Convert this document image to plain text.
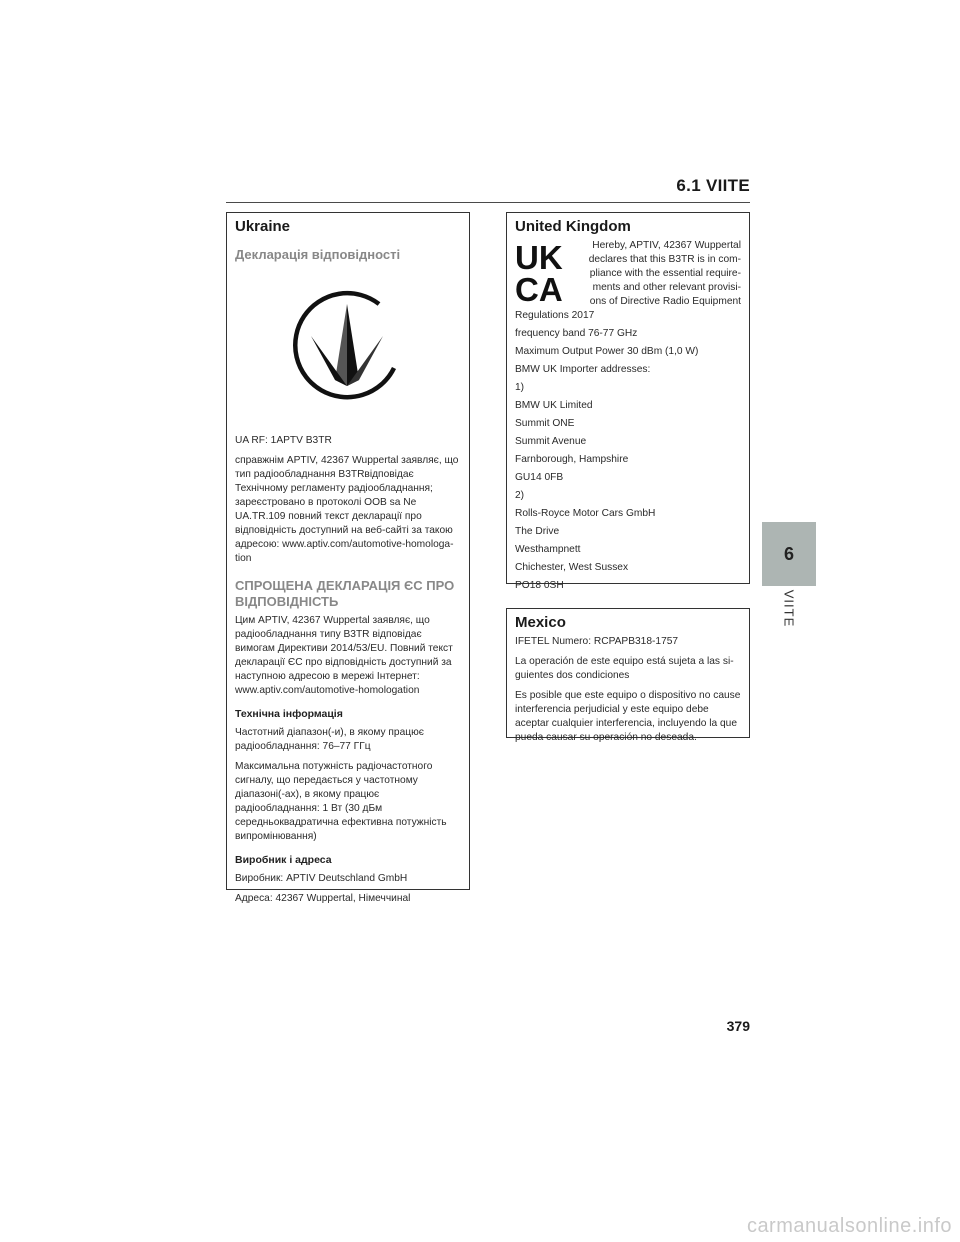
6.1 VIITE
6
VIITE
Ukraine
Декларація відповідності

UA RF: 1APTV B3TR

справжнім APTIV, 42367 Wuppertal заявляє, що тип радіообладнання B3TRвідповідає Технічному регламенту радіообладнання; зареєстровано в протоколі OOB sa Ne UA.TR.109 повний текст декларації про відповідність доступний на веб-сайті за такою адресою: www.aptiv.com/automotive-homologa-tion

СПРОЩЕНА ДЕКЛАРАЦІЯ ЄС ПРО ВІДПОВІДНІСТЬ

Цим APTIV, 42367 Wuppertal заявляє, що радіообладнання типу B3TR відповідає вимогам Директиви 2014/53/EU. Повний текст декларації ЄС про відповідність доступний за наступною адресою в мережі Інтернет: www.aptiv.com/automotive-homologation

Технічна інформація

Частотний діапазон(-и), в якому працює радіообладнання: 76–77 ГГц

Максимальна потужність радіочастотного сигналу, що передається у частотному діапазоні(-ах), в якому працює радіообладнання: 1 Вт (30 дБм середньоквадратична ефективна потужність випромінювання)

Виробник і адреса

Виробник: APTIV Deutschland GmbH

Адреса: 42367 Wuppertal, Німеччинаl

United Kingdom
UK
CA

Hereby, APTIV, 42367 Wuppertal

declares that this B3TR is in com-

pliance with the essential require-

ments and other relevant provisi-

ons of Directive Radio Equipment

Regulations 2017

frequency band 76-77 GHz

Maximum Output Power 30 dBm (1,0 W)

BMW UK Importer addresses:

1)

BMW UK Limited

Summit ONE

Summit Avenue

Farnborough, Hampshire

GU14 0FB

2)

Rolls-Royce Motor Cars GmbH

The Drive

Westhampnett

Chichester, West Sussex

PO18 0SH

Mexico

IFETEL Numero: RCPAPB318-1757

La operación de este equipo está sujeta a las si-guientes dos condiciones

Es posible que este equipo o dispositivo no cause interferencia perjudicial y este equipo debe aceptar cualquier interferencia, incluyendo la que pueda causar su operación no deseada.

379
carmanualsonline.info
